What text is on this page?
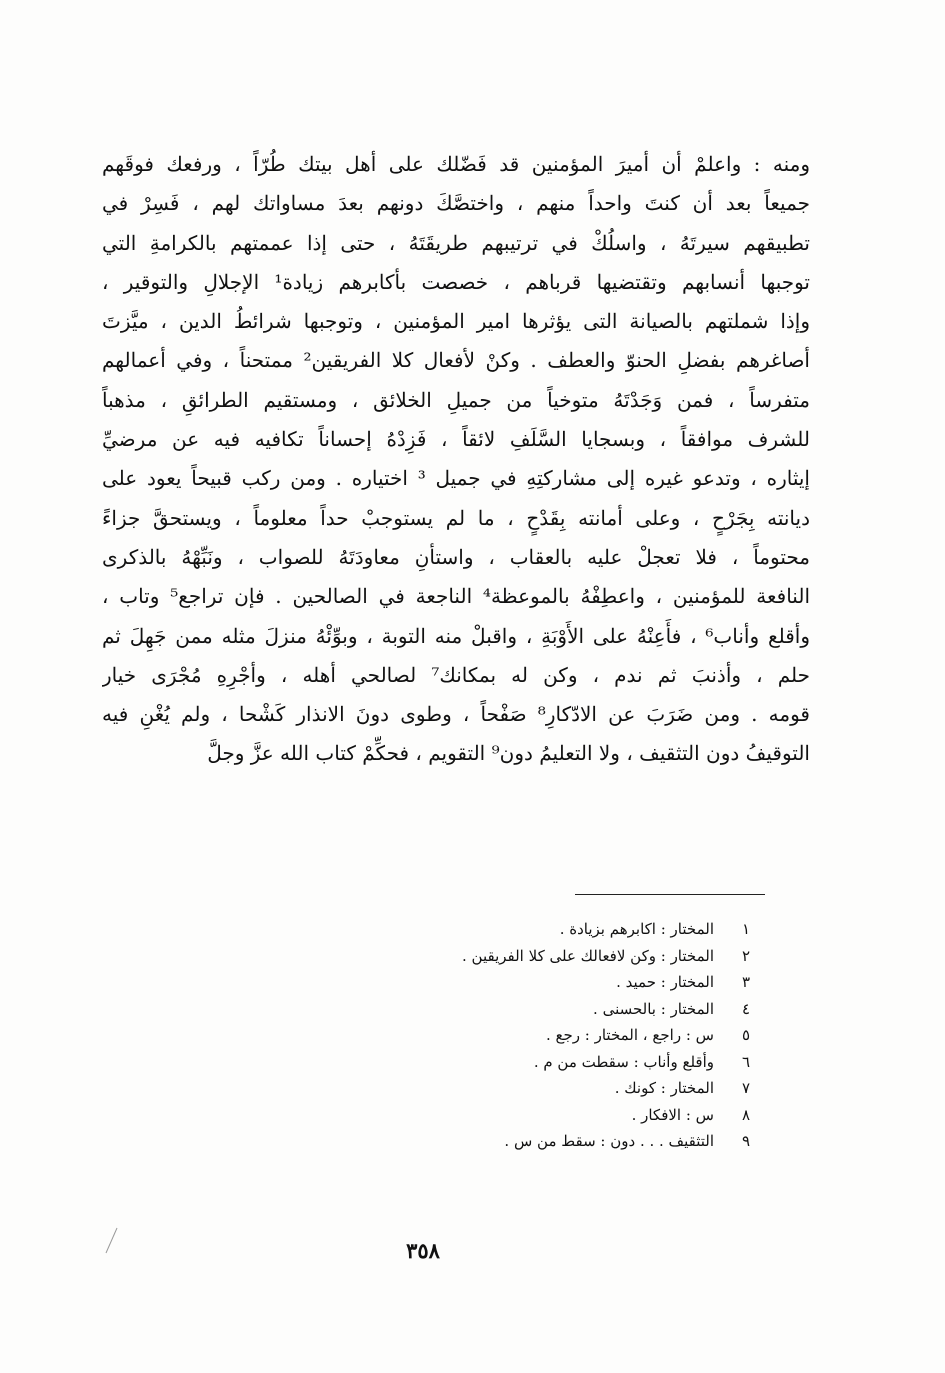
ومنه : واعلمْ أن أميرَ المؤمنين قد فَضّلك على أهل بيتك طُرّاً ، ورفعك فوقَهم
جميعاً بعد أن كنتَ واحداً منهم ، واختصَّكَ دونهم بعدَ مساواتك لهم ، فَسِرْ في
تطبيقهم سيرتَهُ ، واسلُكْ في ترتيبهم طريقَتَهُ ، حتى إذا عممتهم بالكرامةِ التي
توجبها أنسابهم وتقتضيها قرباهم ، خصصت بأكابرهم زيادة¹ الإجلالِ والتوقير ،
وإذا شملتهم بالصيانة التى يؤثرها امير المؤمنين ، وتوجبها شرائطُ الدين ، ميَّزتَ
أصاغرهم بفضلِ الحنوّ والعطف . وكنْ لأفعال كلا الفريقين² ممتحناً ، وفي أعمالهم
متفرساً ، فمن وَجَدْتَهُ متوخياً من جميلِ الخلائق ، ومستقيم الطرائقِ ، مذهباً
للشرف موافقاً ، وبسجايا السَّلَفِ لائقاً ، فَزِدْهُ إحساناً تكافيه فيه عن مرضيِّ
إيثاره ، وتدعو غيره إلى مشاركتِهِ في جميل ³ اختياره . ومن ركب قبيحاً يعود على
ديانته بِجَرْحٍ ، وعلى أمانته بِقَدْحٍ ، ما لم يستوجبْ حداً معلوماً ، ويستحقَّ جزاءً
محتوماً ، فلا تعجلْ عليه بالعقاب ، واستأنِ معاودَتَهُ للصواب ، ونَبِّهْهُ بالذكرى
النافعة للمؤمنين ، واعطِفْهُ بالموعظة⁴ الناجعة في الصالحين . فإن تراجع⁵ وتاب ،
وأقلع وأناب⁶ ، فأَعِنْهُ على الأَوْبَةِ ، واقبلْ منه التوبة ، وبوِّئْهُ منزلَ مثله ممن جَهِلَ ثم
حلم ، وأذنبَ ثم ندم ، وكن له بمكانك⁷ لصالحي أهله ، وأجْرِهِ مُجْرَى خيار
قومه . ومن ضَرَبَ عن الادّكارِ⁸ صَفْحاً ، وطوى دونَ الانذار كَشْحا ، ولم يُغْنِ فيه
التوقيفُ دون التثقيف ، ولا التعليمُ دون⁹ التقويم ، فحكِّمْ كتاب الله عزَّ وجلَّ
١
المختار : اكابرهم بزيادة .
٢
المختار : وكن لافعالك على كلا الفريقين .
٣
المختار : حميد .
٤
المختار : بالحسنى .
٥
س : راجع ، المختار : رجع .
٦
وأقلع وأناب : سقطت من م .
٧
المختار : كونك .
٨
س : الافكار .
٩
التثقيف . . . دون : سقط من س .
٣٥٨
